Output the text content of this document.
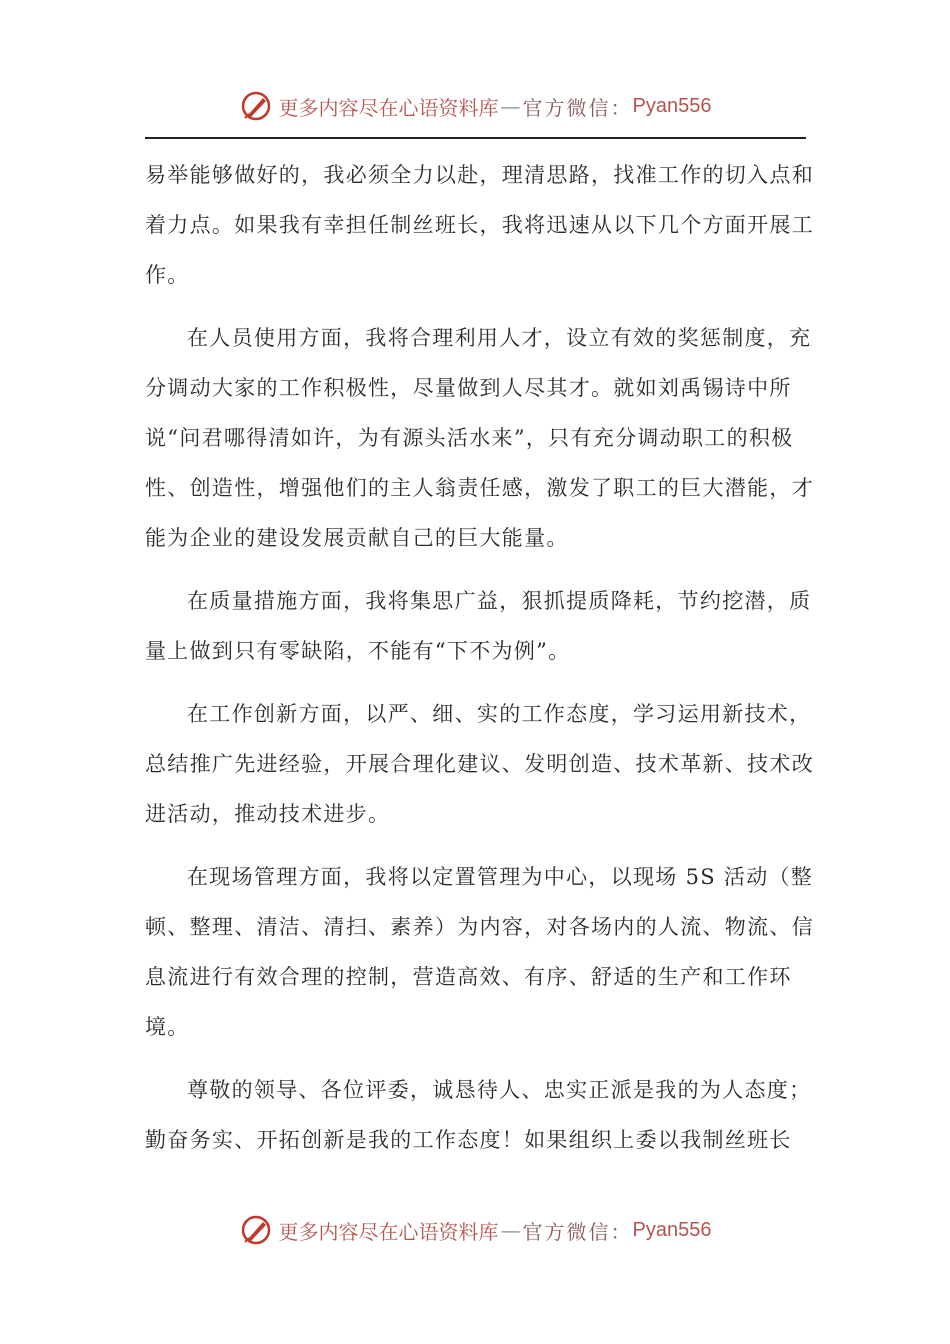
更多内容尽在心语资料库 — 官方微信： Pyan556

易举能够做好的，我必须全力以赴，理清思路，找准工作的切入点和着力点。如果我有幸担任制丝班长，我将迅速从以下几个方面开展工作。

在人员使用方面，我将合理利用人才，设立有效的奖惩制度，充分调动大家的工作积极性，尽量做到人尽其才。就如刘禹锡诗中所说“问君哪得清如许，为有源头活水来”，只有充分调动职工的积极性、创造性，增强他们的主人翁责任感，激发了职工的巨大潜能，才能为企业的建设发展贡献自己的巨大能量。

在质量措施方面，我将集思广益，狠抓提质降耗，节约挖潜，质量上做到只有零缺陷，不能有“下不为例”。

在工作创新方面，以严、细、实的工作态度，学习运用新技术，总结推广先进经验，开展合理化建议、发明创造、技术革新、技术改进活动，推动技术进步。

在现场管理方面，我将以定置管理为中心，以现场 5S 活动（整顿、整理、清洁、清扫、素养）为内容，对各场内的人流、物流、信息流进行有效合理的控制，营造高效、有序、舒适的生产和工作环境。

尊敬的领导、各位评委，诚恳待人、忠实正派是我的为人态度；勤奋务实、开拓创新是我的工作态度！如果组织上委以我制丝班长

更多内容尽在心语资料库 — 官方微信： Pyan556
